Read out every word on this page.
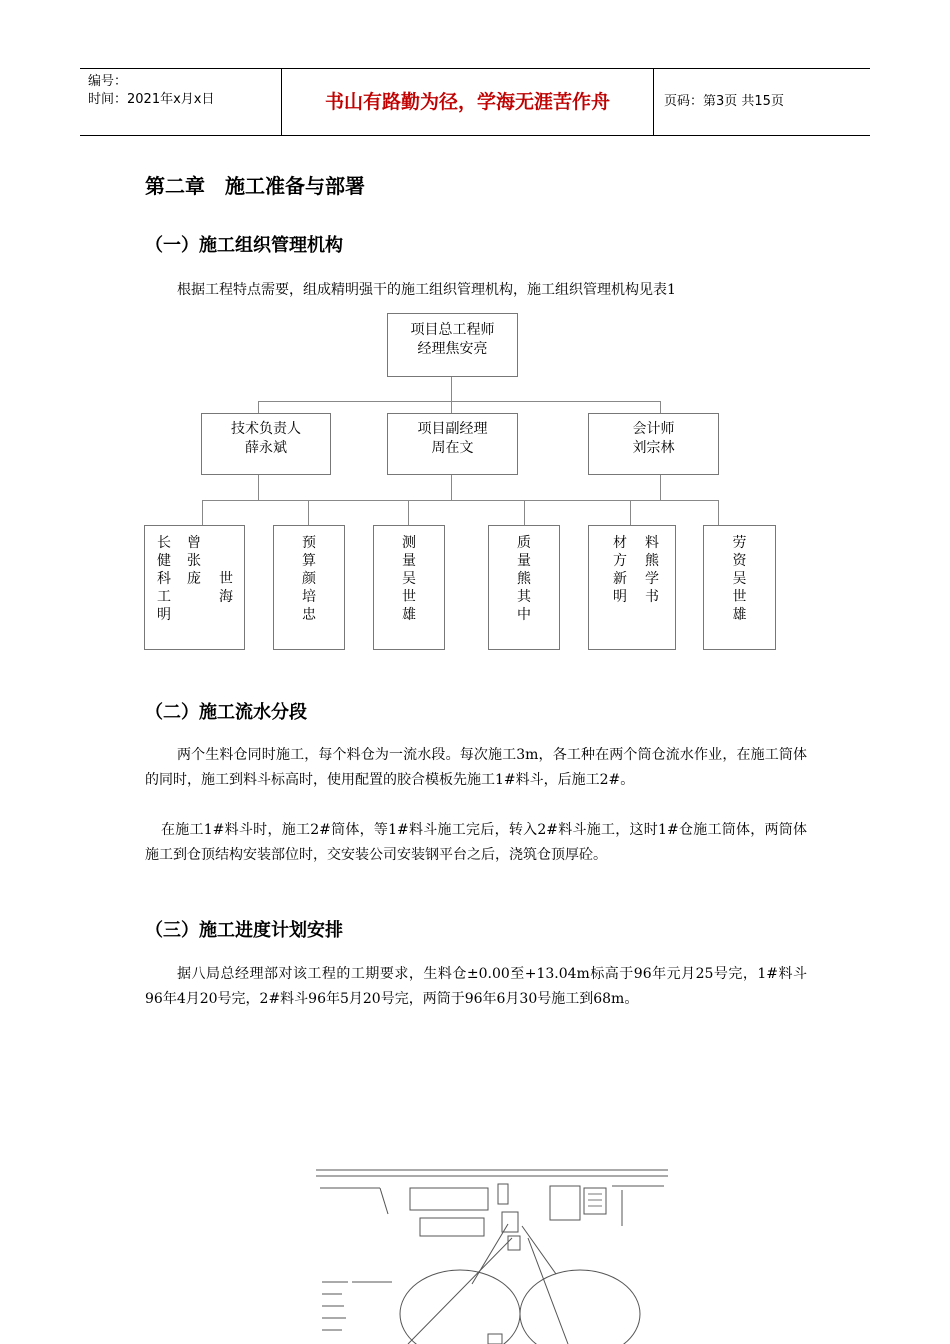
编号：
时间：2021年x月x日	书山有路勤为径，学海无涯苦作舟	页码：第3页 共15页
第二章　施工准备与部署
（一）施工组织管理机构
根据工程特点需要，组成精明强干的施工组织管理机构，施工组织管理机构见表1
项目总工程师
经理焦安亮
技术负责人
薛永斌
项目副经理
周在文
会计师
刘宗林
长健科工明
曾　　　张庞 世海
预算颜培忠
测量吴世雄
质量熊其中
材方新明
料熊学书
劳资吴世雄
（二）施工流水分段
两个生料仓同时施工，每个料仓为一流水段。每次施工3m，各工种在两个筒仓流水作业，在施工筒体的同时，施工到料斗标高时，使用配置的胶合模板先施工1#料斗，后施工2#。
在施工1#料斗时，施工2#筒体，等1#料斗施工完后，转入2#料斗施工，这时1#仓施工筒体，两筒体施工到仓顶结构安装部位时，交安装公司安装钢平台之后，浇筑仓顶厚砼。
（三）施工进度计划安排
据八局总经理部对该工程的工期要求，生料仓±0.00至+13.04m标高于96年元月25号完，1#料斗96年4月20号完，2#料斗96年5月20号完，两筒于96年6月30号施工到68m。
